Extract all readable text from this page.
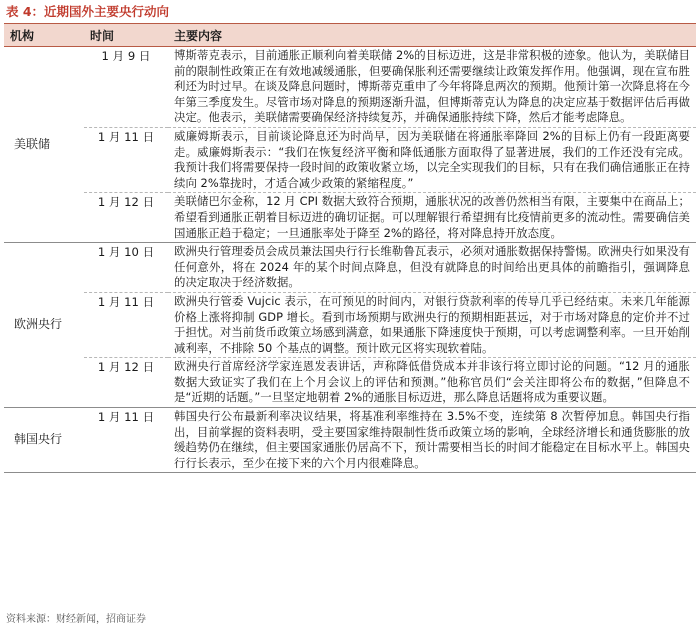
表 4：近期国外主要央行动向
机构	时间	主要内容
美联储	1 月 9 日	博斯蒂克表示，目前通胀正顺利向着美联储 2%的目标迈进，这是非常积极的迹象。他认为，美联储目前的限制性政策正在有效地减缓通胀，但要确保胀利还需要继续让政策发挥作用。他强调，现在宣布胜利还为时过早。在谈及降息问题时，博斯蒂克重申了今年将降息两次的预期。他预计第一次降息将在今年第三季度发生。尽管市场对降息的预期逐渐升温，但博斯蒂克认为降息的决定应基于数据评估后再做决定。他表示，美联储需要确保经济持续复苏，并确保通胀持续下降，然后才能考虑降息。
	1 月 11 日	威廉姆斯表示，目前谈论降息还为时尚早，因为美联储在将通胀率降回 2%的目标上仍有一段距离要走。威廉姆斯表示：“我们在恢复经济平衡和降低通胀方面取得了显著进展，我们的工作还没有完成。我预计我们将需要保持一段时间的政策收紧立场，以完全实现我们的目标，只有在我们确信通胀正在持续向 2%靠拢时，才适合减少政策的紧缩程度。”
	1 月 12 日	美联储巴尔金称，12 月 CPI 数据大致符合预期，通胀状况的改善仍然相当有限，主要集中在商品上；希望看到通胀正朝着目标迈进的确切证据。可以理解银行希望拥有比疫情前更多的流动性。需要确信美国通胀正趋于稳定；一旦通胀率处于降至 2%的路径，将对降息持开放态度。
欧洲央行	1 月 10 日	欧洲央行管理委员会成员兼法国央行行长维勒鲁瓦表示，必须对通胀数据保持警惕。欧洲央行如果没有任何意外，将在 2024 年的某个时间点降息，但没有就降息的时间给出更具体的前瞻指引，强调降息的决定取决于经济数据。
	1 月 11 日	欧洲央行管委 Vujcic 表示，在可预见的时间内，对银行贷款利率的传导几乎已经结束。未来几年能源价格上涨将抑制 GDP 增长。看到市场预期与欧洲央行的预期相距甚远，对于市场对降息的定价并不过于担忧。对当前货币政策立场感到满意，如果通胀下降速度快于预期，可以考虑调整利率。一旦开始削减利率，不排除 50 个基点的调整。预计欧元区将实现软着陆。
	1 月 12 日	欧洲央行首席经济学家连恩发表讲话，声称降低借贷成本并非该行将立即讨论的问题。“12 月的通胀数据大致证实了我们在上个月会议上的评估和预测。”他称官员们“会关注即将公布的数据，”但降息不是“近期的话题。”一旦坚定地朝着 2%的通胀目标迈进，那么降息话题将成为重要议题。
韩国央行	1 月 11 日	韩国央行公布最新利率决议结果，将基准利率维持在 3.5%不变，连续第 8 次暂停加息。韩国央行指出，目前掌握的资料表明，受主要国家维持限制性货币政策立场的影响，全球经济增长和通货膨胀的放缓趋势仍在继续，但主要国家通胀仍居高不下，预计需要相当长的时间才能稳定在目标水平上。韩国央行行长表示，至少在接下来的六个月内很难降息。
资料来源：财经新闻，招商证券
